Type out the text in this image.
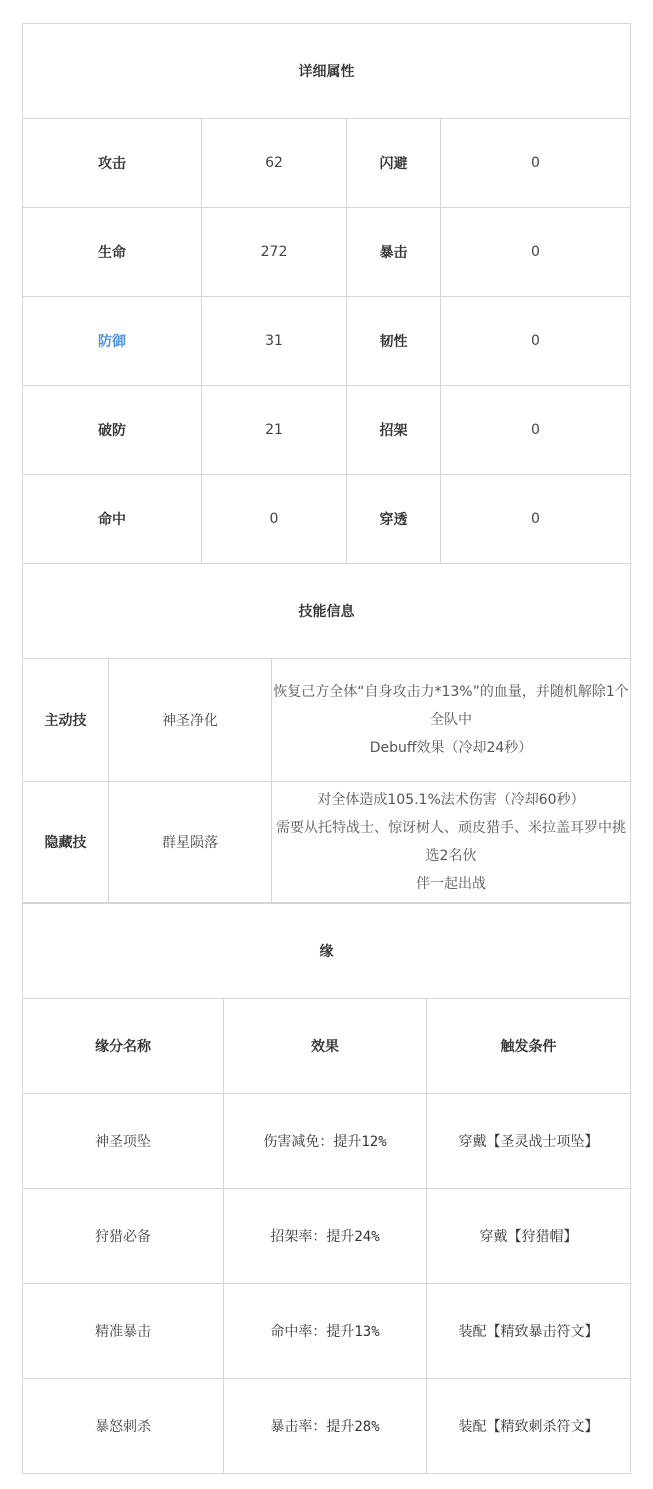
详细属性			
攻击	62	闪避	0
生命	272	暴击	0
防御	31	韧性	0
破防	21	招架	0
命中	0	穿透	0
技能信息		
主动技	神圣净化	恢复己方全体“自身攻击力*13%”的血量，并随机解除1个全队中
Debuff效果（冷却24秒）

隐藏技	群星陨落	对全体造成105.1%法术伤害（冷却60秒）
需要从托特战士、惊讶树人、顽皮猎手、米拉盖耳罗中挑选2名伙
伴一起出战
缘		
缘分名称	效果	触发条件
神圣项坠	伤害减免：提升12%	穿戴【圣灵战士项坠】
狩猎必备	招架率：提升24%	穿戴【狩猎帽】
精准暴击	命中率：提升13%	装配【精致暴击符文】
暴怒刺杀	暴击率：提升28%	装配【精致刺杀符文】
